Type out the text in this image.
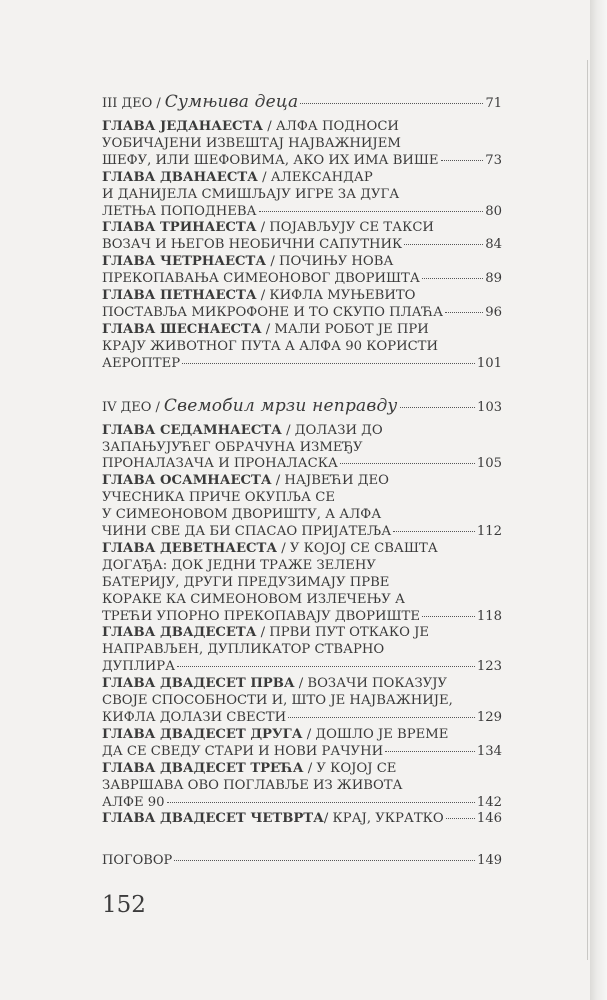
III ДЕО / Сумњива деца	71
ГЛАВА ЈЕДАНАЕСТА / АЛФА ПОДНОСИ
УОБИЧАЈЕНИ ИЗВЕШТАЈ НАЈВАЖНИЈЕМ
ШЕФУ, ИЛИ ШЕФОВИМА, АКО ИХ ИМА ВИШЕ	73
ГЛАВА ДВАНАЕСТА / АЛЕКСАНДАР
И ДАНИЈЕЛА СМИШЉАЈУ ИГРЕ ЗА ДУГА
ЛЕТЊА ПОПОДНЕВА	80
ГЛАВА ТРИНАЕСТА / ПОЈАВЉУЈУ СЕ ТАКСИ
ВОЗАЧ И ЊЕГОВ НЕОБИЧНИ САПУТНИК	84
ГЛАВА ЧЕТРНАЕСТА / ПОЧИЊУ НОВА
ПРЕКОПАВАЊА СИМЕОНОВОГ ДВОРИШТА	89
ГЛАВА ПЕТНАЕСТА / КИФЛА МУЊЕВИТО
ПОСТАВЉА МИКРОФОНЕ И ТО СКУПО ПЛАЋА	96
ГЛАВА ШЕСНАЕСТА / МАЛИ РОБОТ ЈЕ ПРИ
КРАЈУ ЖИВОТНОГ ПУТА А АЛФА 90 КОРИСТИ
АЕРОПТЕР	101
IV ДЕО / Свемобил мрзи неправду	103
ГЛАВА СЕДАМНАЕСТА / ДОЛАЗИ ДО
ЗАПАЊУЈУЋЕГ ОБРАЧУНА ИЗМЕЂУ
ПРОНАЛАЗАЧА И ПРОНАЛАСКА	105
ГЛАВА ОСАМНАЕСТА / НАЈВЕЋИ ДЕО
УЧЕСНИКА ПРИЧЕ ОКУПЉА СЕ
У СИМЕОНОВОМ ДВОРИШТУ, А АЛФА
ЧИНИ СВЕ ДА БИ СПАСАО ПРИЈАТЕЉА	112
ГЛАВА ДЕВЕТНАЕСТА / У КОЈОЈ СЕ СВАШТА
ДОГАЂА: ДОК ЈЕДНИ ТРАЖЕ ЗЕЛЕНУ
БАТЕРИЈУ, ДРУГИ ПРЕДУЗИМАЈУ ПРВЕ
КОРАКЕ КА СИМЕОНОВОМ ИЗЛЕЧЕЊУ А
ТРЕЋИ УПОРНО ПРЕКОПАВАЈУ ДВОРИШТЕ	118
ГЛАВА ДВАДЕСЕТА / ПРВИ ПУТ ОТКАКО ЈЕ
НАПРАВЉЕН, ДУПЛИКАТОР СТВАРНО
ДУПЛИРА	123
ГЛАВА ДВАДЕСЕТ ПРВА / ВОЗАЧИ ПОКАЗУЈУ
СВОЈЕ СПОСОБНОСТИ И, ШТО ЈЕ НАЈВАЖНИЈЕ,
КИФЛА ДОЛАЗИ СВЕСТИ	129
ГЛАВА ДВАДЕСЕТ ДРУГА / ДОШЛО ЈЕ ВРЕМЕ
ДА СЕ СВЕДУ СТАРИ И НОВИ РАЧУНИ	134
ГЛАВА ДВАДЕСЕТ ТРЕЋА / У КОЈОЈ СЕ
ЗАВРШАВА ОВО ПОГЛАВЉЕ ИЗ ЖИВОТА
АЛФЕ 90	142
ГЛАВА ДВАДЕСЕТ ЧЕТВРТА / КРАЈ, УКРАТКО	146
ПОГОВОР	149
152
